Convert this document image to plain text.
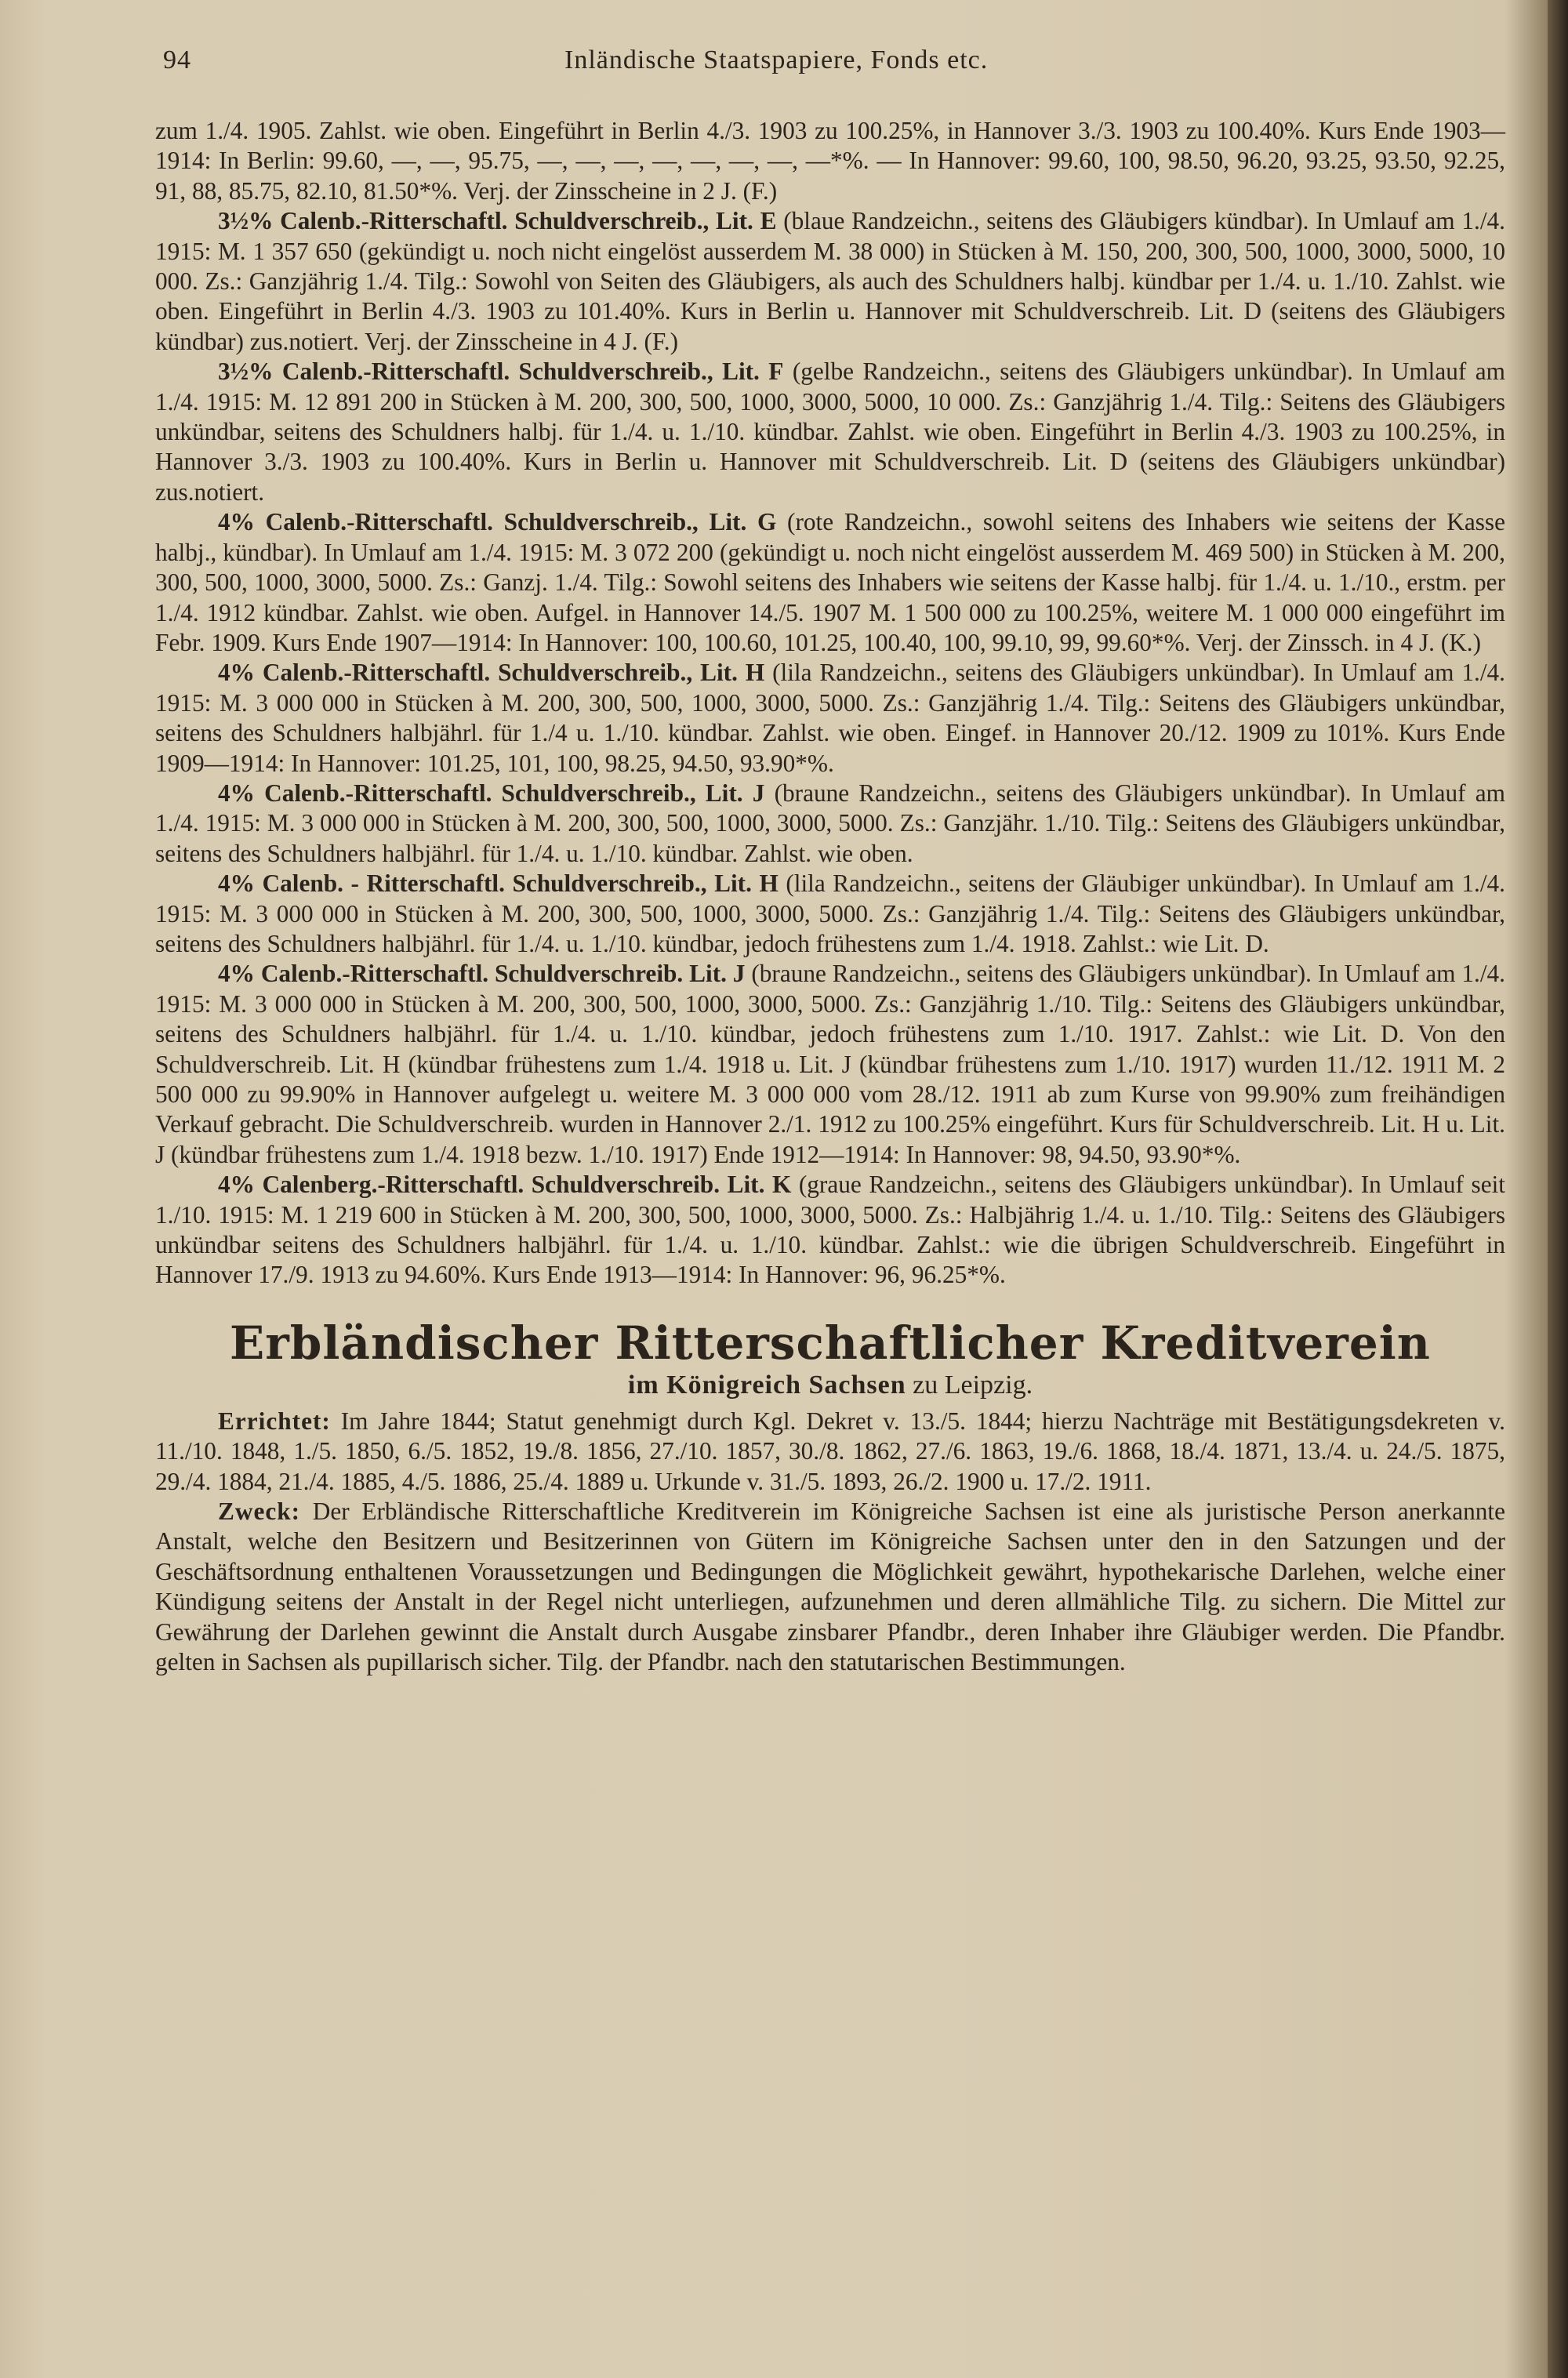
94	Inländische Staatspapiere, Fonds etc.

zum 1./4. 1905. Zahlst. wie oben. Eingeführt in Berlin 4./3. 1903 zu 100.25%, in Hannover 3./3. 1903 zu 100.40%. Kurs Ende 1903—1914: In Berlin: 99.60, —, —, 95.75, —, —, —, —, —, —, —, —*%. — In Hannover: 99.60, 100, 98.50, 96.20, 93.25, 93.50, 92.25, 91, 88, 85.75, 82.10, 81.50*%. Verj. der Zinsscheine in 2 J. (F.)

3½% Calenb.-Ritterschaftl. Schuldverschreib., Lit. E (blaue Randzeichn., seitens des Gläubigers kündbar). In Umlauf am 1./4. 1915: M. 1 357 650 (gekündigt u. noch nicht eingelöst ausserdem M. 38 000) in Stücken à M. 150, 200, 300, 500, 1000, 3000, 5000, 10 000. Zs.: Ganzjährig 1./4. Tilg.: Sowohl von Seiten des Gläubigers, als auch des Schuldners halbj. kündbar per 1./4. u. 1./10. Zahlst. wie oben. Eingeführt in Berlin 4./3. 1903 zu 101.40%. Kurs in Berlin u. Hannover mit Schuldverschreib. Lit. D (seitens des Gläubigers kündbar) zus.notiert. Verj. der Zinsscheine in 4 J. (F.)

3½% Calenb.-Ritterschaftl. Schuldverschreib., Lit. F (gelbe Randzeichn., seitens des Gläubigers unkündbar). In Umlauf am 1./4. 1915: M. 12 891 200 in Stücken à M. 200, 300, 500, 1000, 3000, 5000, 10 000. Zs.: Ganzjährig 1./4. Tilg.: Seitens des Gläubigers unkündbar, seitens des Schuldners halbj. für 1./4. u. 1./10. kündbar. Zahlst. wie oben. Eingeführt in Berlin 4./3. 1903 zu 100.25%, in Hannover 3./3. 1903 zu 100.40%. Kurs in Berlin u. Hannover mit Schuldverschreib. Lit. D (seitens des Gläubigers unkündbar) zus.notiert.

4% Calenb.-Ritterschaftl. Schuldverschreib., Lit. G (rote Randzeichn., sowohl seitens des Inhabers wie seitens der Kasse halbj., kündbar). In Umlauf am 1./4. 1915: M. 3 072 200 (gekündigt u. noch nicht eingelöst ausserdem M. 469 500) in Stücken à M. 200, 300, 500, 1000, 3000, 5000. Zs.: Ganzj. 1./4. Tilg.: Sowohl seitens des Inhabers wie seitens der Kasse halbj. für 1./4. u. 1./10., erstm. per 1./4. 1912 kündbar. Zahlst. wie oben. Aufgel. in Hannover 14./5. 1907 M. 1 500 000 zu 100.25%, weitere M. 1 000 000 eingeführt im Febr. 1909. Kurs Ende 1907—1914: In Hannover: 100, 100.60, 101.25, 100.40, 100, 99.10, 99, 99.60*%. Verj. der Zinssch. in 4 J. (K.)

4% Calenb.-Ritterschaftl. Schuldverschreib., Lit. H (lila Randzeichn., seitens des Gläubigers unkündbar). In Umlauf am 1./4. 1915: M. 3 000 000 in Stücken à M. 200, 300, 500, 1000, 3000, 5000. Zs.: Ganzjährig 1./4. Tilg.: Seitens des Gläubigers unkündbar, seitens des Schuldners halbjährl. für 1./4 u. 1./10. kündbar. Zahlst. wie oben. Eingef. in Hannover 20./12. 1909 zu 101%. Kurs Ende 1909—1914: In Hannover: 101.25, 101, 100, 98.25, 94.50, 93.90*%.

4% Calenb.-Ritterschaftl. Schuldverschreib., Lit. J (braune Randzeichn., seitens des Gläubigers unkündbar). In Umlauf am 1./4. 1915: M. 3 000 000 in Stücken à M. 200, 300, 500, 1000, 3000, 5000. Zs.: Ganzjähr. 1./10. Tilg.: Seitens des Gläubigers unkündbar, seitens des Schuldners halbjährl. für 1./4. u. 1./10. kündbar. Zahlst. wie oben.

4% Calenb. - Ritterschaftl. Schuldverschreib., Lit. H (lila Randzeichn., seitens der Gläubiger unkündbar). In Umlauf am 1./4. 1915: M. 3 000 000 in Stücken à M. 200, 300, 500, 1000, 3000, 5000. Zs.: Ganzjährig 1./4. Tilg.: Seitens des Gläubigers unkündbar, seitens des Schuldners halbjährl. für 1./4. u. 1./10. kündbar, jedoch frühestens zum 1./4. 1918. Zahlst.: wie Lit. D.

4% Calenb.-Ritterschaftl. Schuldverschreib. Lit. J (braune Randzeichn., seitens des Gläubigers unkündbar). In Umlauf am 1./4. 1915: M. 3 000 000 in Stücken à M. 200, 300, 500, 1000, 3000, 5000. Zs.: Ganzjährig 1./10. Tilg.: Seitens des Gläubigers unkündbar, seitens des Schuldners halbjährl. für 1./4. u. 1./10. kündbar, jedoch frühestens zum 1./10. 1917. Zahlst.: wie Lit. D. Von den Schuldverschreib. Lit. H (kündbar frühestens zum 1./4. 1918 u. Lit. J (kündbar frühestens zum 1./10. 1917) wurden 11./12. 1911 M. 2 500 000 zu 99.90% in Hannover aufgelegt u. weitere M. 3 000 000 vom 28./12. 1911 ab zum Kurse von 99.90% zum freihändigen Verkauf gebracht. Die Schuldverschreib. wurden in Hannover 2./1. 1912 zu 100.25% eingeführt. Kurs für Schuldverschreib. Lit. H u. Lit. J (kündbar frühestens zum 1./4. 1918 bezw. 1./10. 1917) Ende 1912—1914: In Hannover: 98, 94.50, 93.90*%.

4% Calenberg.-Ritterschaftl. Schuldverschreib. Lit. K (graue Randzeichn., seitens des Gläubigers unkündbar). In Umlauf seit 1./10. 1915: M. 1 219 600 in Stücken à M. 200, 300, 500, 1000, 3000, 5000. Zs.: Halbjährig 1./4. u. 1./10. Tilg.: Seitens des Gläubigers unkündbar seitens des Schuldners halbjährl. für 1./4. u. 1./10. kündbar. Zahlst.: wie die übrigen Schuldverschreib. Eingeführt in Hannover 17./9. 1913 zu 94.60%. Kurs Ende 1913—1914: In Hannover: 96, 96.25*%.

Erbländischer Ritterschaftlicher Kreditverein
im Königreich Sachsen zu Leipzig.

Errichtet: Im Jahre 1844; Statut genehmigt durch Kgl. Dekret v. 13./5. 1844; hierzu Nachträge mit Bestätigungsdekreten v. 11./10. 1848, 1./5. 1850, 6./5. 1852, 19./8. 1856, 27./10. 1857, 30./8. 1862, 27./6. 1863, 19./6. 1868, 18./4. 1871, 13./4. u. 24./5. 1875, 29./4. 1884, 21./4. 1885, 4./5. 1886, 25./4. 1889 u. Urkunde v. 31./5. 1893, 26./2. 1900 u. 17./2. 1911.

Zweck: Der Erbländische Ritterschaftliche Kreditverein im Königreiche Sachsen ist eine als juristische Person anerkannte Anstalt, welche den Besitzern und Besitzerinnen von Gütern im Königreiche Sachsen unter den in den Satzungen und der Geschäftsordnung enthaltenen Voraussetzungen und Bedingungen die Möglichkeit gewährt, hypothekarische Darlehen, welche einer Kündigung seitens der Anstalt in der Regel nicht unterliegen, aufzunehmen und deren allmähliche Tilg. zu sichern. Die Mittel zur Gewährung der Darlehen gewinnt die Anstalt durch Ausgabe zinsbarer Pfandbr., deren Inhaber ihre Gläubiger werden. Die Pfandbr. gelten in Sachsen als pupillarisch sicher. Tilg. der Pfandbr. nach den statutarischen Bestimmungen.
